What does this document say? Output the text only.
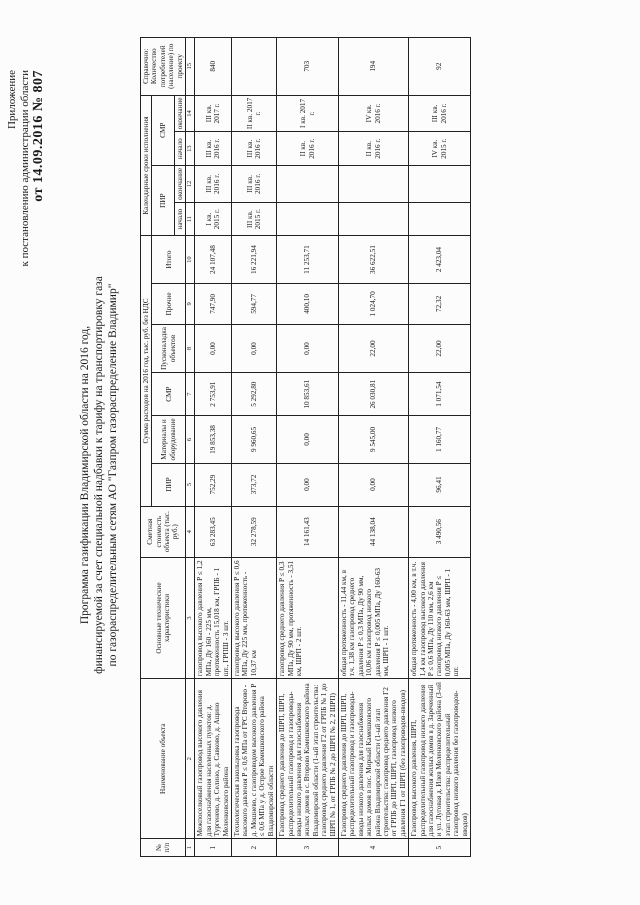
Приложение к постановлению администрации области от 14.09.2016 № 807
Программа газификации Владимирской области на 2016 год, финансируемой за счет специальной надбавки к тарифу на транспортировку газа по газораспределительным сетям АО "Газпром газораспределение Владимир"
№ п/п	Наименование объекта	Основные технические характеристики	Сметная стоимость объекта (тыс. руб.)	Сумма расходов на 2016 год, тыс. руб. без НДС						Календарные сроки исполнения				Справочно: Количество потребителей (население) по проекту
				ПИР	Материалы и оборудование	СМР	Пусконаладка объектов	Прочие	Итого	ПИР		СМР		
										начало	окончание	начало	окончание	
1	2	3	4	5	6	7	8	9	10	11	12	13	14	15
1	Межпоселковый газопровод высокого давления для газоснабжения населенных пунктов: д. Тургенево, д. Селино, д. Савково, д. Ащино Меленковского района	газопровод высокого давления Р ≤ 1,2 МПа, Ду 160 - 225 мм, протяженность 15,018 км, ГРПБ - 1 шт., ГРПШ - 3 шт.	63 283,45	752,29	19 853,38	2 753,91	0,00	747,90	24 107,48	I кв. 2015 г.	III кв. 2016 г.	III кв. 2016 г.	III кв. 2017 г.	840
2	Технологическая закольцовка газопровода высокого давления Р ≤ 0,6 МПа от ГРС Второво - д. Мошнево, с газопроводом высокого давления Р ≤ 0,6 МПа у д. Острое Камешковского района Владимирской области	газопровод высокого давления Р ≤ 0,6 МПа, Ду 225 мм, протяженность - 10,37 км	32 278,59	373,72	9 960,65	5 292,80	0,00	594,77	16 221,94	III кв. 2015 г.	III кв. 2016 г.	III кв. 2016 г.	II кв. 2017 г.	
3	Газопровод среднего давления до ШРП, ШРП, распределительный газопровод и газопроводы-вводы низкого давления для газоснабжения жилых домов в с. Второво Камешковского района Владимирской области (1-ый этап строительства: газопровод среднего давления Г2 от ГРПБ № 1 до ШРП № 1, от ГРПБ № 2 до ШРП № 2, 2 ШРП)	газопровод среднего давления Р ≤ 0,3 МПа, Ду 90 мм, протяженность - 3,51 км, ШРП - 2 шт.	14 161,43	0,00	0,00	10 853,61	0,00	400,10	11 253,71			II кв. 2016 г.	I кв. 2017 г.	703
4	Газопровод среднего давления до ШРП, ШРП, распределительный газопровод и газопроводы-вводы низкого давления для газоснабжения жилых домов в пос. Мирный Камешковского района Владимирской области (1-ый этап строительства: газопровод среднего давления Г2 от ГРПБ до ШРП, ШРП, газопровод низкого давления Г1 от ШРП (без газопроводов-вводов)	общая протяженность - 11,44 км, в т.ч. 1,38 км газопровод среднего давления Р ≤ 0,3 МПа, Ду 90 мм, 10,06 км газопровод низкого давления Р ≤ 0,005 МПа, Ду 160-63 мм, ШРП - 1 шт.	44 138,04	0,00	9 545,00	26 030,81	22,00	1 024,70	36 622,51			II кв. 2016 г.	IV кв. 2016 г.	194
5	Газопровод высокого давления, ШРП, распределительный газопровод низкого давления для газоснабжения жилых домов в д. Зареченный и ул. Луговая д. Илев Меленковского района (3-ий этап строительства: распределительный газопровод низкого давления без газопроводов-вводов)	общая протяженность - 4,00 км, в т.ч. 1,4 км газопровод высокого давления Р ≤ 0,6 МПа, Ду 110 мм, 2,6 км газопровод низкого давления Р ≤ 0,005 МПа, Ду 160-63 мм, ШРП - 1 шт.	3 490,56	96,41	1 160,77	1 071,54	22,00	72,32	2 423,04			IV кв. 2015 г.	III кв. 2016 г.	92
